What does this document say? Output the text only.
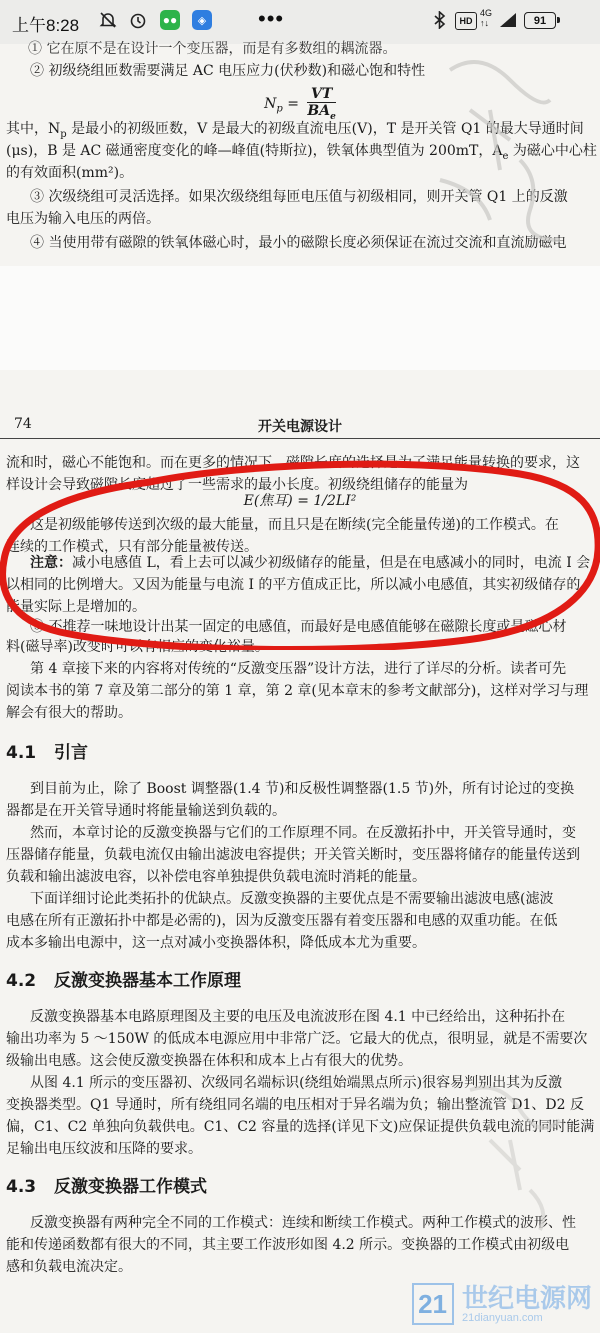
上午8:28	●●	◈ •••	HD
4G
↑↓	91
① 它在原不是在设计一个变压器，而是有多数组的耦流器。
② 初级绕组匝数需要满足 AC 电压应力(伏秒数)和磁心饱和特性
$N_p = \frac{VT}{BA_e}$
其中，$N_p$ 是最小的初级匝数，V 是最大的初级直流电压(V)，T 是开关管 Q1 的最大导通时间
(μs)，B 是 AC 磁通密度变化的峰—峰值(特斯拉)，铁氧体典型值为 200mT，$A_e$ 为磁心中心柱
的有效面积(mm²)。
③ 次级绕组可灵活选择。如果次级绕组每匝电压值与初级相同，则开关管 Q1 上的反激
电压为输入电压的两倍。
④ 当使用带有磁隙的铁氧体磁心时，最小的磁隙长度必须保证在流过交流和直流励磁电
74	开关电源设计
流和时，磁心不能饱和。而在更多的情况下，磁隙长度的选择是为了满足能量转换的要求，这
样设计会导致磁隙长度超过了一些需求的最小长度。初级绕组储存的能量为
E(焦耳) = 1/2LI²
这是初级能够传送到次级的最大能量，而且只是在断续(完全能量传递)的工作模式。在
连续的工作模式，只有部分能量被传送。
注意：减小电感值 L，看上去可以减少初级储存的能量，但是在电感减小的同时，电流 I 会
以相同的比例增大。又因为能量与电流 I 的平方值成正比，所以减小电感值，其实初级储存的
能量实际上是增加的。
⑤ 不推荐一味地设计出某一固定的电感值，而最好是电感值能够在磁隙长度或是磁心材
料(磁导率)改变时可以有相应的变化裕量。
第 4 章接下来的内容将对传统的“反激变压器”设计方法，进行了详尽的分析。读者可先
阅读本书的第 7 章及第二部分的第 1 章，第 2 章(见本章末的参考文献部分)，这样对学习与理
解会有很大的帮助。
4.1 引言
到目前为止，除了 Boost 调整器(1.4 节)和反极性调整器(1.5 节)外，所有讨论过的变换
器都是在开关管导通时将能量输送到负载的。
然而，本章讨论的反激变换器与它们的工作原理不同。在反激拓扑中，开关管导通时，变
压器储存能量，负载电流仅由输出滤波电容提供；开关管关断时，变压器将储存的能量传送到
负载和输出滤波电容，以补偿电容单独提供负载电流时消耗的能量。
下面详细讨论此类拓扑的优缺点。反激变换器的主要优点是不需要输出滤波电感(滤波
电感在所有正激拓扑中都是必需的)，因为反激变压器有着变压器和电感的双重功能。在低
成本多输出电源中，这一点对减小变换器体积，降低成本尤为重要。
4.2 反激变换器基本工作原理
反激变换器基本电路原理图及主要的电压及电流波形在图 4.1 中已经给出，这种拓扑在
输出功率为 5 ～150W 的低成本电源应用中非常广泛。它最大的优点，很明显，就是不需要次
级输出电感。这会使反激变换器在体积和成本上占有很大的优势。
从图 4.1 所示的变压器初、次级同名端标识(绕组始端黑点所示)很容易判别出其为反激
变换器类型。Q1 导通时，所有绕组同名端的电压相对于异名端为负；输出整流管 D1、D2 反
偏，C1、C2 单独向负载供电。C1、C2 容量的选择(详见下文)应保证提供负载电流的同时能满
足输出电压纹波和压降的要求。
4.3 反激变换器工作模式
反激变换器有两种完全不同的工作模式：连续和断续工作模式。两种工作模式的波形、性
能和传递函数都有很大的不同，其主要工作波形如图 4.2 所示。变换器的工作模式由初级电
感和负载电流决定。
21 世纪电源网
21dianyuan.com
